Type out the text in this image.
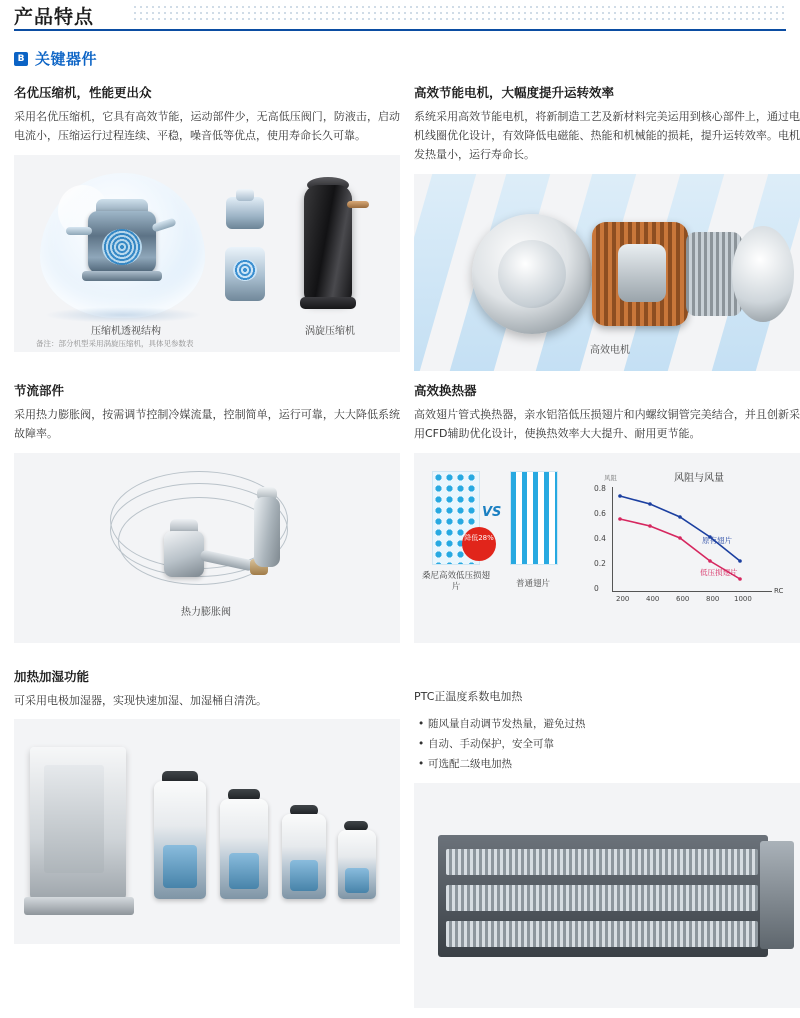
产品特点
B 关键器件
名优压缩机，性能更出众

采用名优压缩机，它具有高效节能，运动部件少，无高低压阀门，防液击，启动电流小，压缩运行过程连续、平稳，噪音低等优点，使用寿命长久可靠。

压缩机透视结构	涡旋压缩机
备注：部分机型采用涡旋压缩机，具体见参数表
高效节能电机，大幅度提升运转效率

系统采用高效节能电机，将新制造工艺及新材料完美运用到核心部件上，通过电机线圈优化设计，有效降低电磁能、热能和机械能的损耗，提升运转效率。电机发热量小，运行寿命长。

高效电机
节流部件

采用热力膨胀阀，按需调节控制冷媒流量，控制简单，运行可靠，大大降低系统故障率。

热力膨胀阀
高效换热器

高效翅片管式换热器，亲水铝箔低压损翅片和内螺纹铜管完美结合，并且创新采用CFD辅助优化设计，使换热效率大大提升、耐用更节能。

VS
桑尼高效低压损翅片	普通翅片
风阻与风量
风阻
RC
0.8
0.6
0.4
0.2
0
200 400 600 800 1000
原有翅片
低压损翅片
降低28%
加热加湿功能

可采用电极加湿器，实现快速加湿、加湿桶自清洗。	PTC正温度系数电加热
• 随风量自动调节发热量，避免过热
• 自动、手动保护，安全可靠
• 可选配二级电加热
